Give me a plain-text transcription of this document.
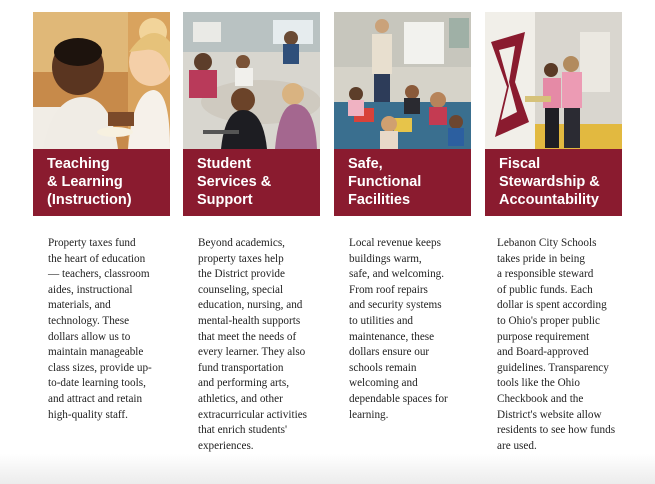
Teaching
& Learning
(Instruction)
Property taxes fund
the heart of education
— teachers, classroom
aides, instructional
materials, and
technology. These
dollars allow us to
maintain manageable
class sizes, provide up-
to-date learning tools,
and attract and retain
high-quality staff.
Student
Services &
Support
Beyond academics,
property taxes help
the District provide
counseling, special
education, nursing, and
mental-health supports
that meet the needs of
every learner. They also
fund transportation
and performing arts,
athletics, and other
extracurricular activities
that enrich students'
experiences.
Safe,
Functional
Facilities
Local revenue keeps
buildings warm,
safe, and welcoming.
From roof repairs
and security systems
to utilities and
maintenance, these
dollars ensure our
schools remain
welcoming and
dependable spaces for
learning.
Fiscal
Stewardship &
Accountability
Lebanon City Schools
takes pride in being
a responsible steward
of public funds. Each
dollar is spent according
to Ohio's proper public
purpose requirement
and Board-approved
guidelines. Transparency
tools like the Ohio
Checkbook and the
District's website allow
residents to see how funds
are used.
